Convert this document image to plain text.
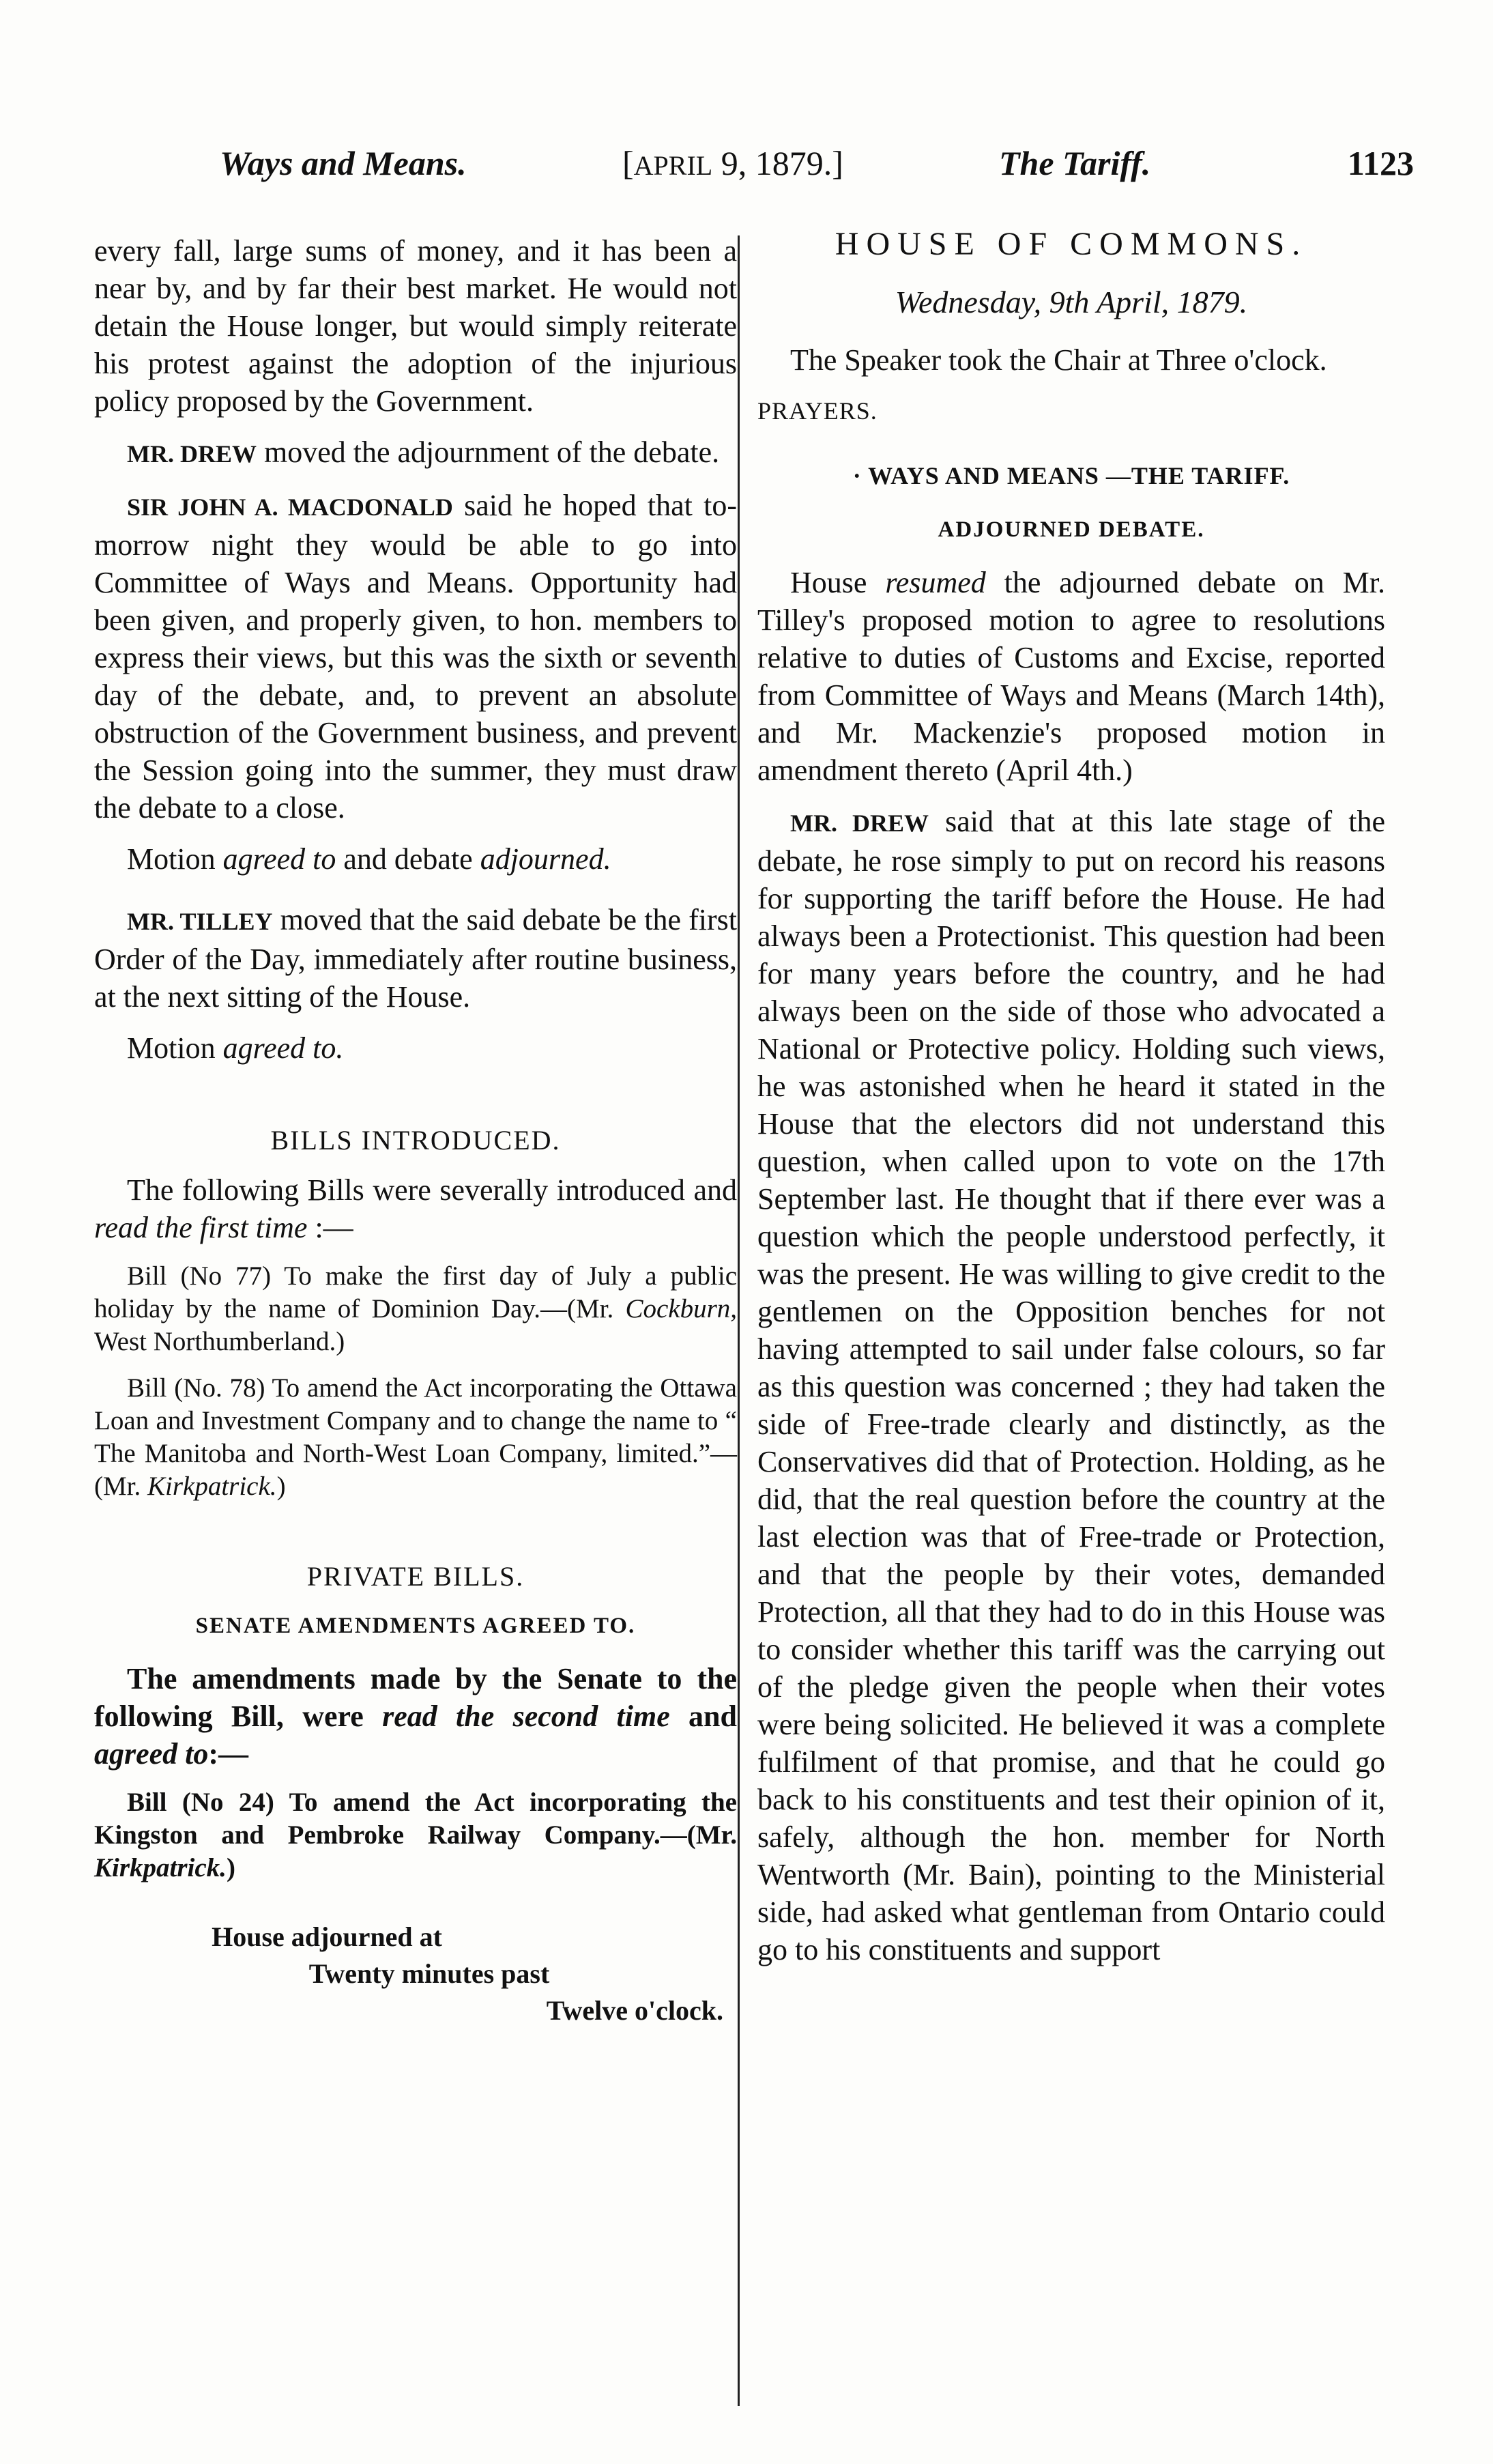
Ways and Means.	[APRIL 9, 1879.]	The Tariff.	1123

every fall, large sums of money, and it has been a near by, and by far their best market. He would not detain the House longer, but would simply reiterate his protest against the adoption of the injurious policy proposed by the Government.

MR. DREW moved the adjournment of the debate.

SIR JOHN A. MACDONALD said he hoped that to-morrow night they would be able to go into Committee of Ways and Means. Opportunity had been given, and properly given, to hon. members to express their views, but this was the sixth or seventh day of the debate, and, to prevent an absolute obstruction of the Government business, and prevent the Session going into the summer, they must draw the debate to a close.

Motion agreed to and debate adjourned.

MR. TILLEY moved that the said debate be the first Order of the Day, immediately after routine business, at the next sitting of the House.

Motion agreed to.

BILLS INTRODUCED.

The following Bills were severally introduced and read the first time :—

Bill (No 77) To make the first day of July a public holiday by the name of Dominion Day.—(Mr. Cockburn, West Northumberland.)

Bill (No. 78) To amend the Act incorporating the Ottawa Loan and Investment Company and to change the name to “ The Manitoba and North-West Loan Company, limited.”—(Mr. Kirkpatrick.)

PRIVATE BILLS.
SENATE AMENDMENTS AGREED TO.

The amendments made by the Senate to the following Bill, were read the second time and agreed to:—

Bill (No 24) To amend the Act incorporating the Kingston and Pembroke Railway Company.—(Mr. Kirkpatrick.)

House adjourned at
Twenty minutes past
Twelve o'clock.
HOUSE OF COMMONS.
Wednesday, 9th April, 1879.

The Speaker took the Chair at Three o'clock.

PRAYERS.
· WAYS AND MEANS —THE TARIFF.
ADJOURNED DEBATE.

House resumed the adjourned debate on Mr. Tilley's proposed motion to agree to resolutions relative to duties of Customs and Excise, reported from Committee of Ways and Means (March 14th), and Mr. Mackenzie's proposed motion in amendment thereto (April 4th.)

MR. DREW said that at this late stage of the debate, he rose simply to put on record his reasons for supporting the tariff before the House. He had always been a Protectionist. This question had been for many years before the country, and he had always been on the side of those who advocated a National or Protective policy. Holding such views, he was astonished when he heard it stated in the House that the electors did not understand this question, when called upon to vote on the 17th September last. He thought that if there ever was a question which the people understood perfectly, it was the present. He was willing to give credit to the gentlemen on the Opposition benches for not having attempted to sail under false colours, so far as this question was concerned ; they had taken the side of Free-trade clearly and distinctly, as the Conservatives did that of Protection. Holding, as he did, that the real question before the country at the last election was that of Free-trade or Protection, and that the people by their votes, demanded Protection, all that they had to do in this House was to consider whether this tariff was the carrying out of the pledge given the people when their votes were being solicited. He believed it was a complete fulfilment of that promise, and that he could go back to his constituents and test their opinion of it, safely, although the hon. member for North Wentworth (Mr. Bain), pointing to the Ministerial side, had asked what gentleman from Ontario could go to his constituents and support
